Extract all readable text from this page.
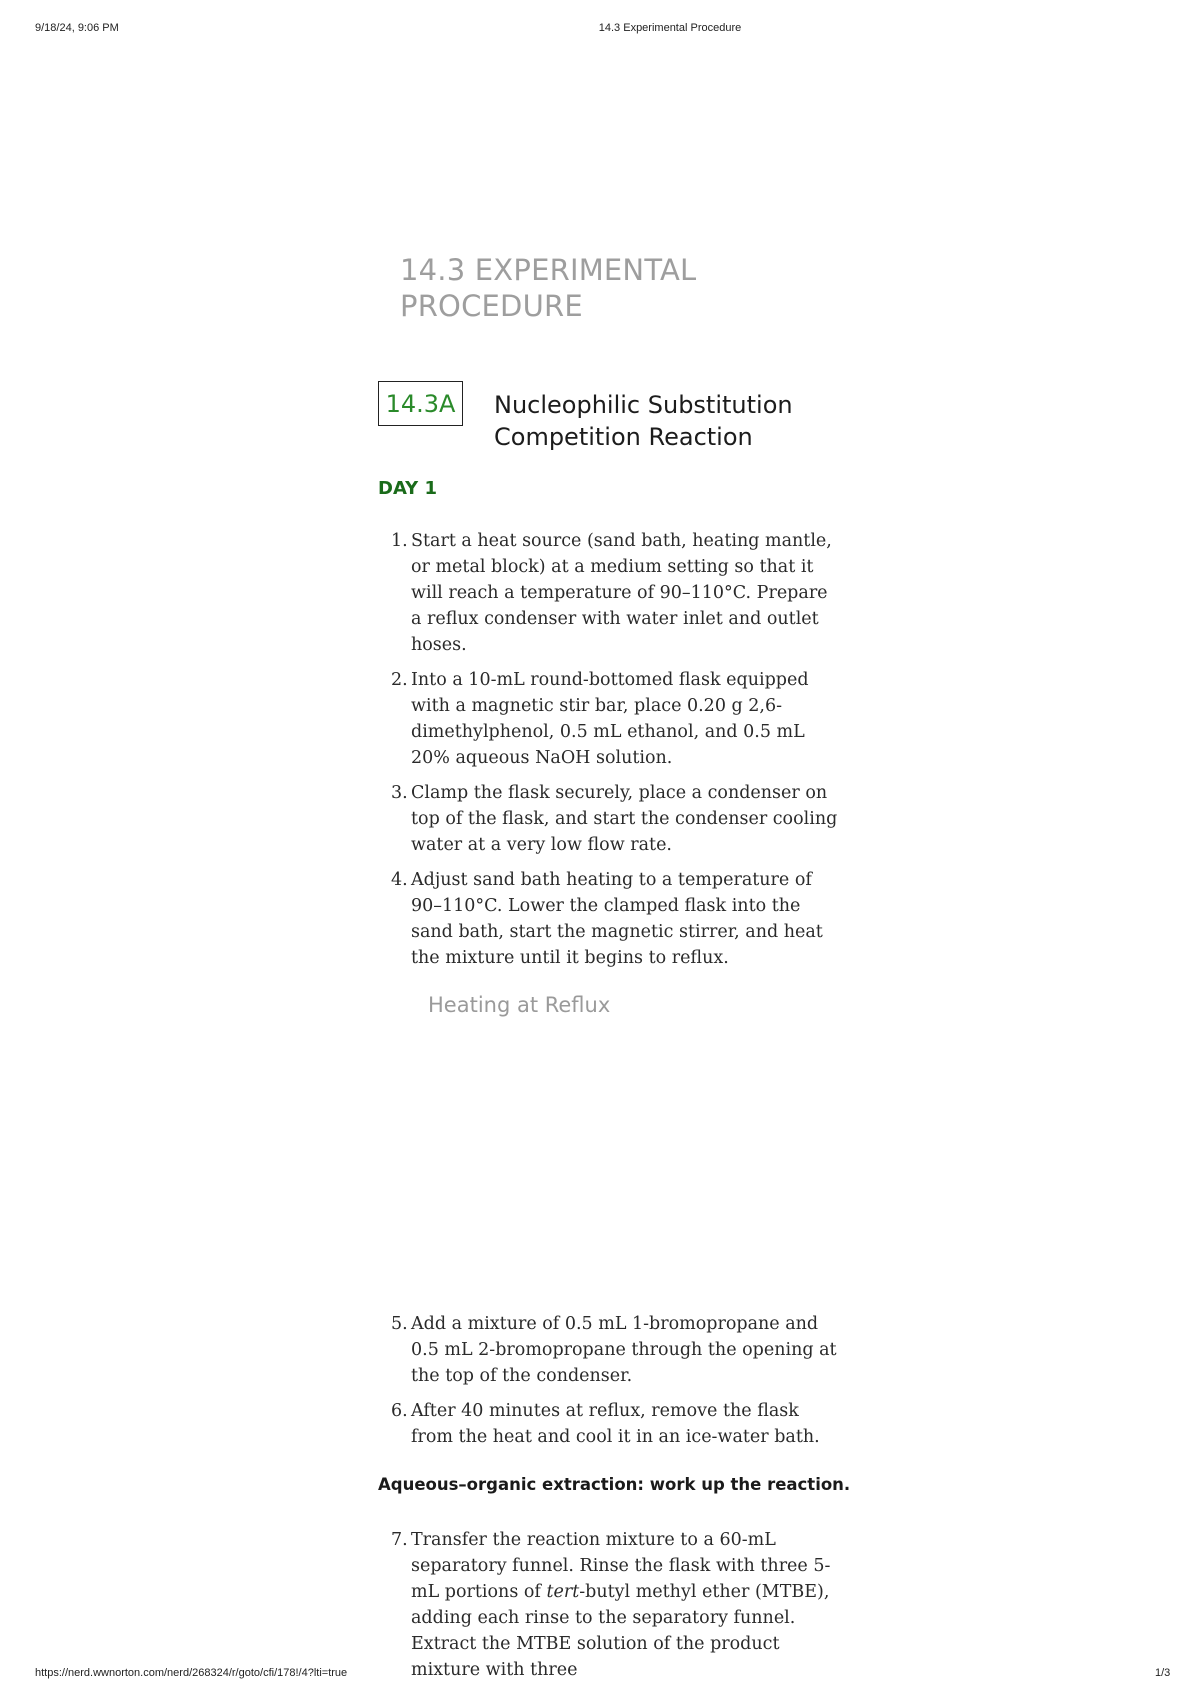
9/18/24, 9:06 PM	14.3 Experimental Procedure
14.3 EXPERIMENTAL PROCEDURE
14.3A	Nucleophilic Substitution Competition Reaction
DAY 1
1. Start a heat source (sand bath, heating mantle, or metal block) at a medium setting so that it will reach a temperature of 90–110°C. Prepare a reflux condenser with water inlet and outlet hoses.
2. Into a 10-mL round-bottomed flask equipped with a magnetic stir bar, place 0.20 g 2,6-dimethylphenol, 0.5 mL ethanol, and 0.5 mL 20% aqueous NaOH solution.
3. Clamp the flask securely, place a condenser on top of the flask, and start the condenser cooling water at a very low flow rate.
4. Adjust sand bath heating to a temperature of 90–110°C. Lower the clamped flask into the sand bath, start the magnetic stirrer, and heat the mixture until it begins to reflux.
Heating at Reflux
5. Add a mixture of 0.5 mL 1-bromopropane and 0.5 mL 2-bromopropane through the opening at the top of the condenser.
6. After 40 minutes at reflux, remove the flask from the heat and cool it in an ice-water bath.
Aqueous–organic extraction: work up the reaction.
7. Transfer the reaction mixture to a 60-mL separatory funnel. Rinse the flask with three 5-mL portions of tert-butyl methyl ether (MTBE), adding each rinse to the separatory funnel. Extract the MTBE solution of the product mixture with three
https://nerd.wwnorton.com/nerd/268324/r/goto/cfi/178!/4?lti=true	1/3
